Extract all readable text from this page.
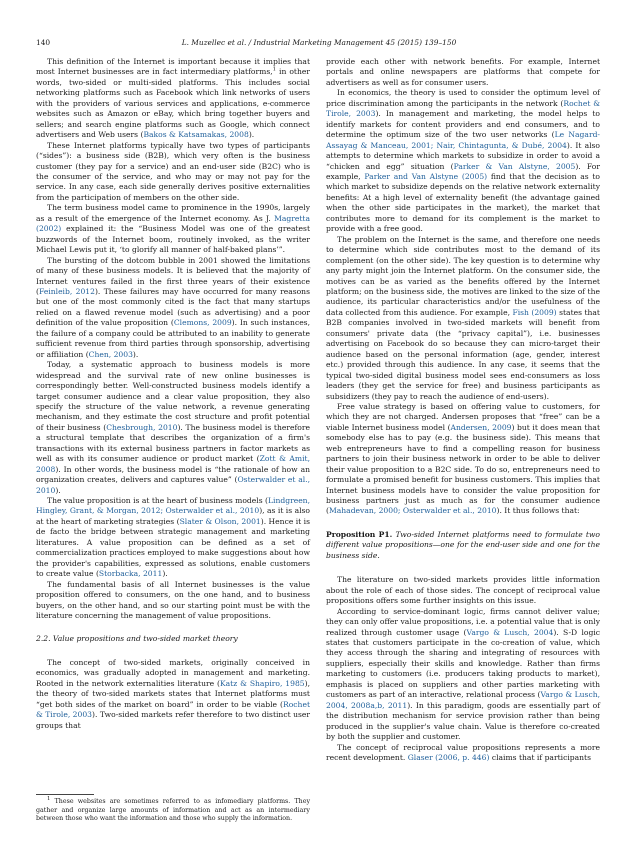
140	L. Muzellec et al. / Industrial Marketing Management 45 (2015) 139–150

This definition of the Internet is important because it implies that most Internet businesses are in fact intermediary platforms,$^1$ in other words, two-sided or multi-sided platforms. This includes social networking platforms such as Facebook which link networks of users with the providers of various services and applications, e-commerce websites such as Amazon or eBay, which bring together buyers and sellers; and search engine platforms such as Google, which connect advertisers and Web users (Bakos & Katsamakas, 2008).

These Internet platforms typically have two types of participants (“sides”): a business side (B2B), which very often is the business customer (they pay for a service) and an end-user side (B2C) who is the consumer of the service, and who may or may not pay for the service. In any case, each side generally derives positive externalities from the participation of members on the other side.

The term business model came to prominence in the 1990s, largely as a result of the emergence of the Internet economy. As J. Magretta (2002) explained it: the “Business Model was one of the greatest buzzwords of the Internet boom, routinely invoked, as the writer Michael Lewis put it, ‘to glorify all manner of half-baked plans’”.

The bursting of the dotcom bubble in 2001 showed the limitations of many of these business models. It is believed that the majority of Internet ventures failed in the first three years of their existence (Feinleib, 2012). These failures may have occurred for many reasons but one of the most commonly cited is the fact that many startups relied on a flawed revenue model (such as advertising) and a poor definition of the value proposition (Clemons, 2009). In such instances, the failure of a company could be attributed to an inability to generate sufficient revenue from third parties through sponsorship, advertising or affiliation (Chen, 2003).

Today, a systematic approach to business models is more widespread and the survival rate of new online businesses is correspondingly better. Well-constructed business models identify a target consumer audience and a clear value proposition, they also specify the structure of the value network, a revenue generating mechanism, and they estimate the cost structure and profit potential of their business (Chesbrough, 2010). The business model is therefore a structural template that describes the organization of a firm's transactions with its external business partners in factor markets as well as with its consumer audience or product market (Zott & Amit, 2008). In other words, the business model is “the rationale of how an organization creates, delivers and captures value” (Osterwalder et al., 2010).

The value proposition is at the heart of business models (Lindgreen, Hingley, Grant, & Morgan, 2012; Osterwalder et al., 2010), as it is also at the heart of marketing strategies (Slater & Olson, 2001). Hence it is de facto the bridge between strategic management and marketing literatures. A value proposition can be defined as a set of commercialization practices employed to make suggestions about how the provider's capabilities, expressed as solutions, enable customers to create value (Storbacka, 2011).

The fundamental basis of all Internet businesses is the value proposition offered to consumers, on the one hand, and to business buyers, on the other hand, and so our starting point must be with the literature concerning the management of value propositions.

2.2. Value propositions and two-sided market theory

The concept of two-sided markets, originally conceived in economics, was gradually adopted in management and marketing. Rooted in the network externalities literature (Katz & Shapiro, 1985), the theory of two-sided markets states that Internet platforms must “get both sides of the market on board” in order to be viable (Rochet & Tirole, 2003). Two-sided markets refer therefore to two distinct user groups that

1 These websites are sometimes referred to as infomediary platforms. They gather and organize large amounts of information and act as an intermediary between those who want the information and those who supply the information.

provide each other with network benefits. For example, Internet portals and online newspapers are platforms that compete for advertisers as well as for consumer users.

In economics, the theory is used to consider the optimum level of price discrimination among the participants in the network (Rochet & Tirole, 2003). In management and marketing, the model helps to identify markets for content providers and end consumers, and to determine the optimum size of the two user networks (Le Nagard-Assayag & Manceau, 2001; Nair, Chintagunta, & Dubé, 2004). It also attempts to determine which markets to subsidize in order to avoid a “chicken and egg” situation (Parker & Van Alstyne, 2005). For example, Parker and Van Alstyne (2005) find that the decision as to which market to subsidize depends on the relative network externality benefits: At a high level of externality benefit (the advantage gained when the other side participates in the market), the market that contributes more to demand for its complement is the market to provide with a free good.

The problem on the Internet is the same, and therefore one needs to determine which side contributes most to the demand of its complement (on the other side). The key question is to determine why any party might join the Internet platform. On the consumer side, the motives can be as varied as the benefits offered by the Internet platform; on the business side, the motives are linked to the size of the audience, its particular characteristics and/or the usefulness of the data collected from this audience. For example, Fish (2009) states that B2B companies involved in two-sided markets will benefit from consumers' private data (the “privacy capital”), i.e. businesses advertising on Facebook do so because they can micro-target their audience based on the personal information (age, gender, interest etc.) provided through this audience. In any case, it seems that the typical two-sided digital business model sees end-consumers as loss leaders (they get the service for free) and business participants as subsidizers (they pay to reach the audience of end-users).

Free value strategy is based on offering value to customers, for which they are not charged. Andersen proposes that “free” can be a viable Internet business model (Andersen, 2009) but it does mean that somebody else has to pay (e.g. the business side). This means that web entrepreneurs have to find a compelling reason for business partners to join their business network in order to be able to deliver their value proposition to a B2C side. To do so, entrepreneurs need to formulate a promised benefit for business customers. This implies that Internet business models have to consider the value proposition for business partners just as much as for the consumer audience (Mahadevan, 2000; Osterwalder et al., 2010). It thus follows that:

Proposition P1. Two-sided Internet platforms need to formulate two different value propositions—one for the end-user side and one for the business side.

The literature on two-sided markets provides little information about the role of each of those sides. The concept of reciprocal value propositions offers some further insights on this issue.

According to service-dominant logic, firms cannot deliver value; they can only offer value propositions, i.e. a potential value that is only realized through customer usage (Vargo & Lusch, 2004). S-D logic states that customers participate in the co-creation of value, which they access through the sharing and integrating of resources with suppliers, especially their skills and knowledge. Rather than firms marketing to customers (i.e. producers taking products to market), emphasis is placed on suppliers and other parties marketing with customers as part of an interactive, relational process (Vargo & Lusch, 2004, 2008a,b, 2011). In this paradigm, goods are essentially part of the distribution mechanism for service provision rather than being produced in the supplier's value chain. Value is therefore co-created by both the supplier and customer.

The concept of reciprocal value propositions represents a more recent development. Glaser (2006, p. 446) claims that if participants
